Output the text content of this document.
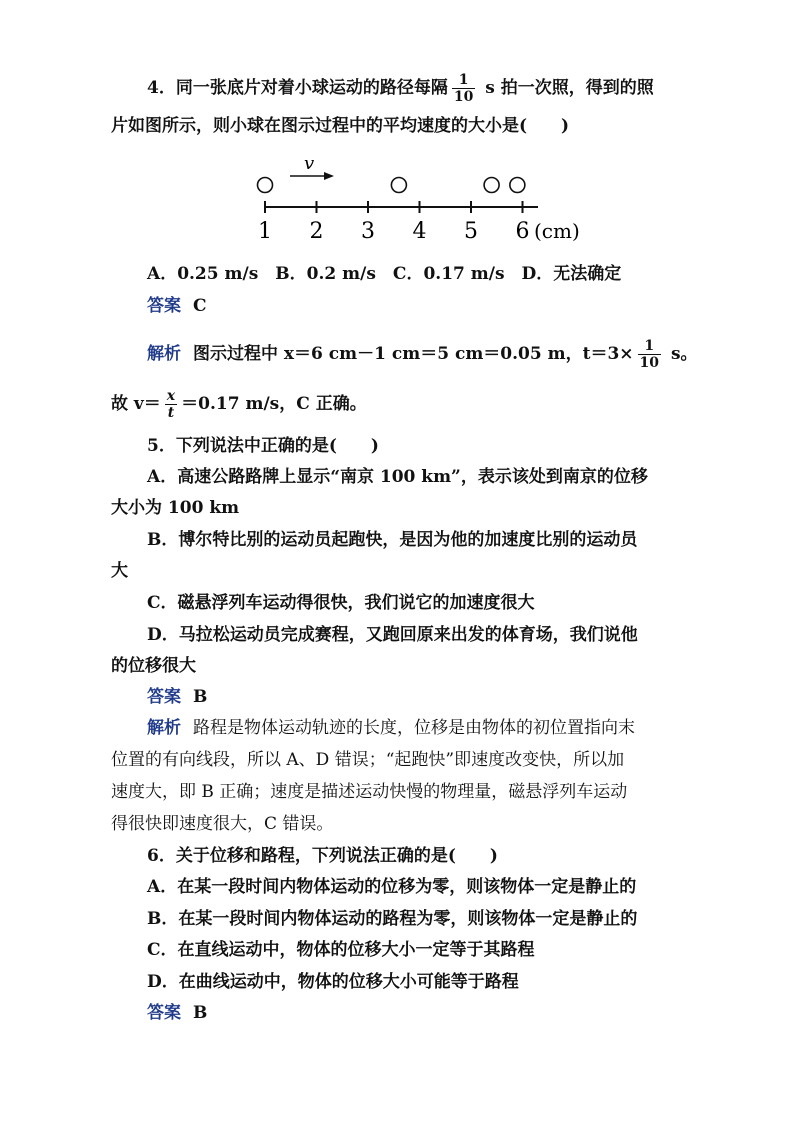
4．同一张底片对着小球运动的路径每隔 $\frac{1}{10}$ s 拍一次照，得到的照
片如图所示，则小球在图示过程中的平均速度的大小是(　　)
v
1 2 3 4 5 6 (cm)
A．0.25 m/s　B．0.2 m/s　C．0.17 m/s　D．无法确定
答案 C
解析 图示过程中 x＝6 cm－1 cm＝5 cm＝0.05 m，$t=3\times \frac{1}{10}$ s。
故 $v= \frac{x}{t} =0.17$ m/s，C 正确。
5．下列说法中正确的是(　　)
A．高速公路路牌上显示“南京 100 km”，表示该处到南京的位移
大小为 100 km
B．博尔特比别的运动员起跑快，是因为他的加速度比别的运动员
大
C．磁悬浮列车运动得很快，我们说它的加速度很大
D．马拉松运动员完成赛程，又跑回原来出发的体育场，我们说他
的位移很大
答案 B
解析 路程是物体运动轨迹的长度，位移是由物体的初位置指向末
位置的有向线段，所以 A、D 错误；“起跑快”即速度改变快，所以加
速度大，即 B 正确；速度是描述运动快慢的物理量，磁悬浮列车运动
得很快即速度很大，C 错误。
6．关于位移和路程，下列说法正确的是(　　)
A．在某一段时间内物体运动的位移为零，则该物体一定是静止的
B．在某一段时间内物体运动的路程为零，则该物体一定是静止的
C．在直线运动中，物体的位移大小一定等于其路程
D．在曲线运动中，物体的位移大小可能等于路程
答案 B
